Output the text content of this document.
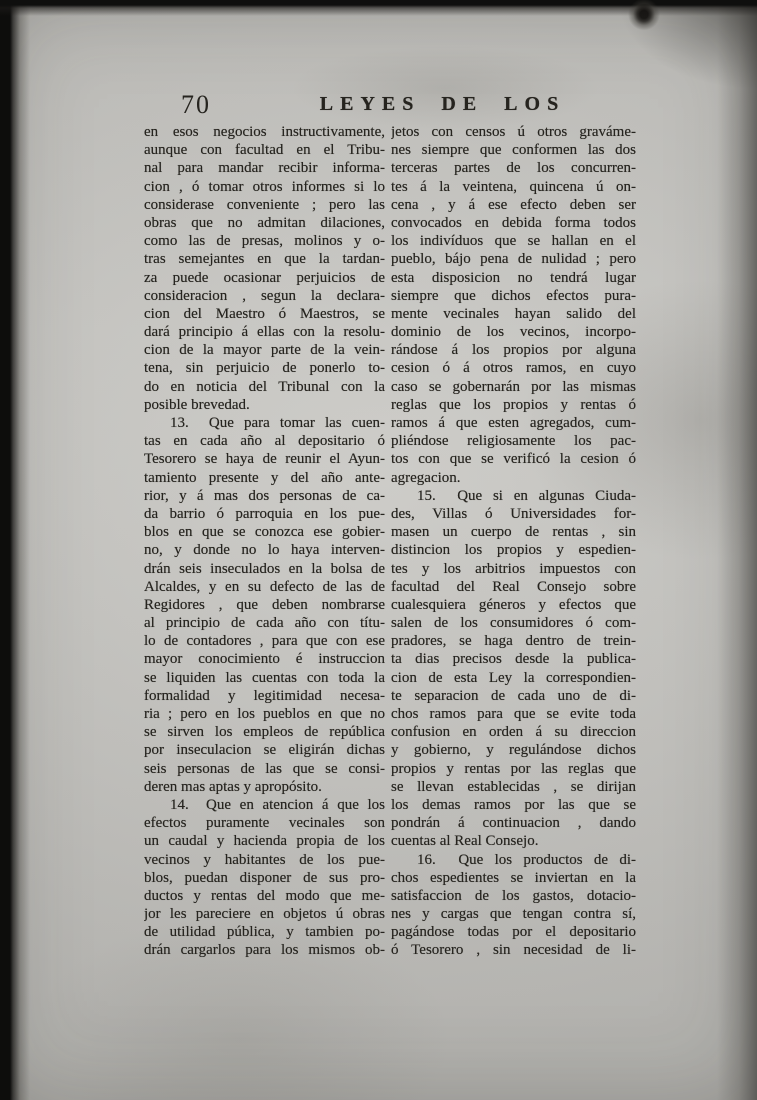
70	LEYES DE LOS
en esos negocios instructivamente,
aunque con facultad en el Tribu-
nal para mandar recibir informa-
cion , ó tomar otros informes si lo
considerase conveniente ; pero las
obras que no admitan dilaciones,
como las de presas, molinos y o-
tras semejantes en que la tardan-
za puede ocasionar perjuicios de
consideracion , segun la declara-
cion del Maestro ó Maestros, se
dará principio á ellas con la resolu-
cion de la mayor parte de la vein-
tena, sin perjuicio de ponerlo to-
do en noticia del Tribunal con la
posible brevedad.
13.  Que para tomar las cuen-
tas en cada año al depositario ó
Tesorero se haya de reunir el Ayun-
tamiento presente y del año ante-
rior, y á mas dos personas de ca-
da barrio ó parroquia en los pue-
blos en que se conozca ese gobier-
no, y donde no lo haya interven-
drán seis inseculados en la bolsa de
Alcaldes, y en su defecto de las de
Regidores , que deben nombrarse
al principio de cada año con títu-
lo de contadores , para que con ese
mayor conocimiento é instruccion
se liquiden las cuentas con toda la
formalidad y legitimidad necesa-
ria ; pero en los pueblos en que no
se sirven los empleos de república
por inseculacion se eligirán dichas
seis personas de las que se consi-
deren mas aptas y apropósito.
14.  Que en atencion á que los
efectos puramente vecinales son
un caudal y hacienda propia de los
vecinos y habitantes de los pue-
blos, puedan disponer de sus pro-
ductos y rentas del modo que me-
jor les pareciere en objetos ú obras
de utilidad pública, y tambien po-
drán cargarlos para los mismos ob-
jetos con censos ú otros graváme-
nes siempre que conformen las dos
terceras partes de los concurren-
tes á la veintena, quincena ú on-
cena , y á ese efecto deben ser
convocados en debida forma todos
los indivíduos que se hallan en el
pueblo, bájo pena de nulidad ; pero
esta disposicion no tendrá lugar
siempre que dichos efectos pura-
mente vecinales hayan salido del
dominio de los vecinos, incorpo-
rándose á los propios por alguna
cesion ó á otros ramos, en cuyo
caso se gobernarán por las mismas
reglas que los propios y rentas ó
ramos á que esten agregados, cum-
pliéndose religiosamente los pac-
tos con que se verificó la cesion ó
agregacion.
15.  Que si en algunas Ciuda-
des, Villas ó Universidades for-
masen un cuerpo de rentas , sin
distincion los propios y espedien-
tes y los arbitrios impuestos con
facultad del Real Consejo sobre
cualesquiera géneros y efectos que
salen de los consumidores ó com-
pradores, se haga dentro de trein-
ta dias precisos desde la publica-
cion de esta Ley la correspondien-
te separacion de cada uno de di-
chos ramos para que se evite toda
confusion en orden á su direccion
y gobierno, y regulándose dichos
propios y rentas por las reglas que
se llevan establecidas , se dirijan
los demas ramos por las que se
pondrán á continuacion , dando
cuentas al Real Consejo.
16.  Que los productos de di-
chos espedientes se inviertan en la
satisfaccion de los gastos, dotacio-
nes y cargas que tengan contra sí,
pagándose todas por el depositario
ó Tesorero , sin necesidad de li-
